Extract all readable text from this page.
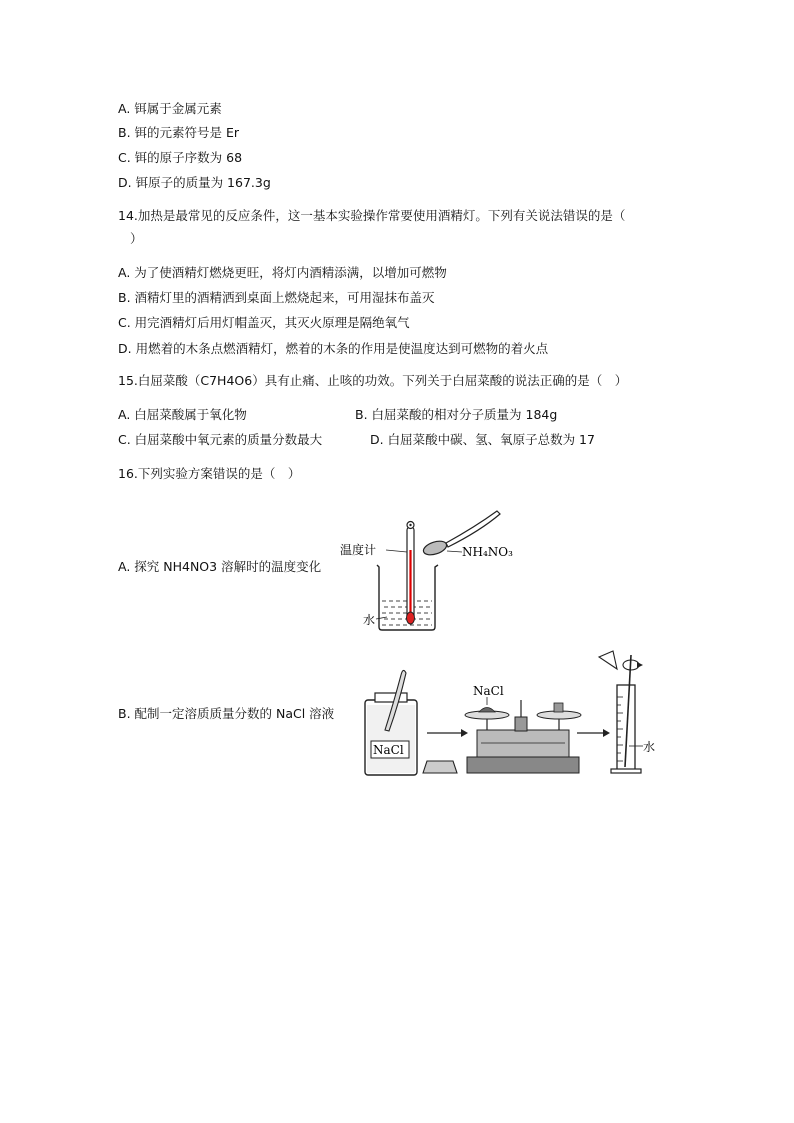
A. 铒属于金属元素
B. 铒的元素符号是 Er
C. 铒的原子序数为 68
D. 铒原子的质量为 167.3g
14.加热是最常见的反应条件，这一基本实验操作常要使用酒精灯。下列有关说法错误的是（
）
A. 为了使酒精灯燃烧更旺，将灯内酒精添满，以增加可燃物
B. 酒精灯里的酒精洒到桌面上燃烧起来，可用湿抹布盖灭
C. 用完酒精灯后用灯帽盖灭，其灭火原理是隔绝氧气
D. 用燃着的木条点燃酒精灯，燃着的木条的作用是使温度达到可燃物的着火点
15.白屈菜酸（C7H4O6）具有止痛、止咳的功效。下列关于白屈菜酸的说法正确的是（　）
A. 白屈菜酸属于氧化物	B. 白屈菜酸的相对分子质量为 184g
C. 白屈菜酸中氧元素的质量分数最大	D. 白屈菜酸中碳、氢、氧原子总数为 17
16.下列实验方案错误的是（　）
A. 探究 NH4NO3 溶解时的温度变化
温度计	NH₄NO₃
水
B. 配制一定溶质质量分数的 NaCl 溶液
NaCl
NaCl
水
